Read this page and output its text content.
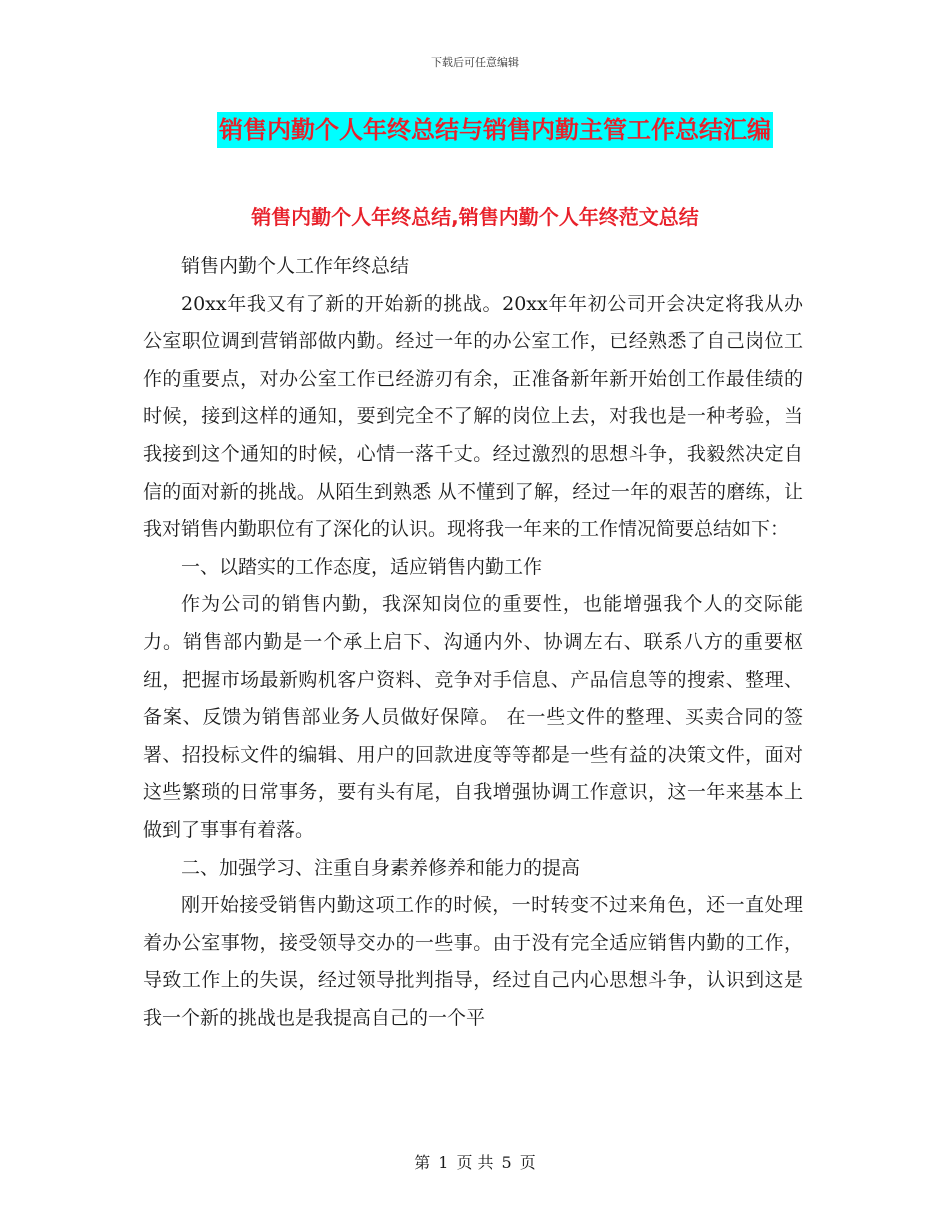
下载后可任意编辑
销售内勤个人年终总结与销售内勤主管工作总结汇编
销售内勤个人年终总结,销售内勤个人年终范文总结

销售内勤个人工作年终总结

20xx年我又有了新的开始新的挑战。20xx年年初公司开会决定将我从办公室职位调到营销部做内勤。经过一年的办公室工作，已经熟悉了自己岗位工作的重要点，对办公室工作已经游刃有余，正准备新年新开始创工作最佳绩的时候，接到这样的通知，要到完全不了解的岗位上去，对我也是一种考验，当我接到这个通知的时候，心情一落千丈。经过激烈的思想斗争，我毅然决定自信的面对新的挑战。从陌生到熟悉 从不懂到了解，经过一年的艰苦的磨练，让我对销售内勤职位有了深化的认识。现将我一年来的工作情况简要总结如下：

一、以踏实的工作态度，适应销售内勤工作

作为公司的销售内勤，我深知岗位的重要性，也能增强我个人的交际能力。销售部内勤是一个承上启下、沟通内外、协调左右、联系八方的重要枢纽，把握市场最新购机客户资料、竞争对手信息、产品信息等的搜索、整理、备案、反馈为销售部业务人员做好保障。 在一些文件的整理、买卖合同的签署、招投标文件的编辑、用户的回款进度等等都是一些有益的决策文件，面对这些繁琐的日常事务，要有头有尾，自我增强协调工作意识，这一年来基本上做到了事事有着落。

二、加强学习、注重自身素养修养和能力的提高

刚开始接受销售内勤这项工作的时候，一时转变不过来角色，还一直处理着办公室事物，接受领导交办的一些事。由于没有完全适应销售内勤的工作，导致工作上的失误，经过领导批判指导，经过自己内心思想斗争，认识到这是我一个新的挑战也是我提高自己的一个平

第 1 页 共 5 页
